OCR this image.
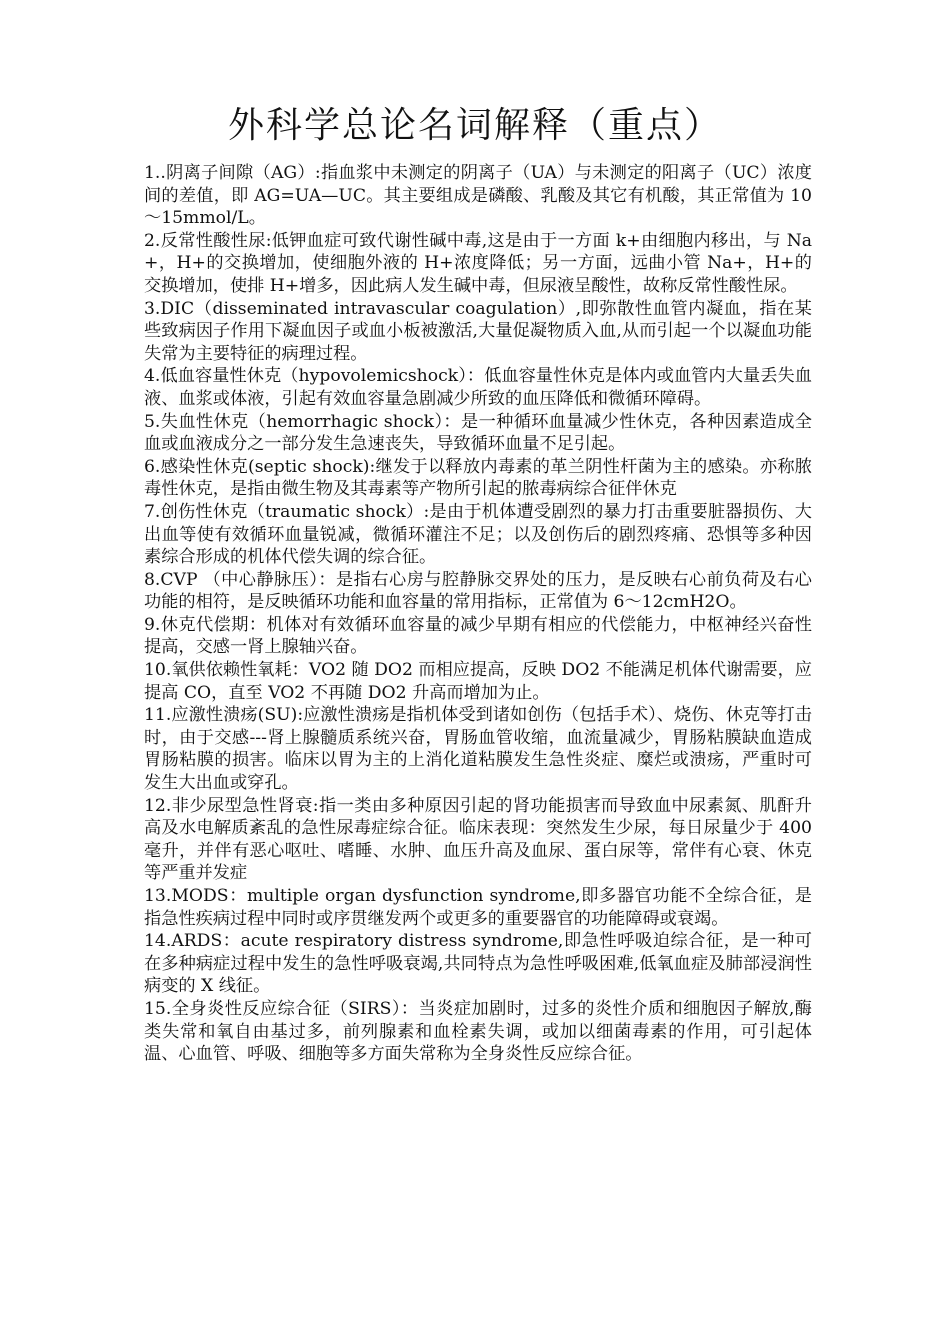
外科学总论名词解释（重点）

1..阴离子间隙（AG）:指血浆中未测定的阴离子（UA）与未测定的阳离子（UC）浓度间的差值，即 AG=UA—UC。其主要组成是磷酸、乳酸及其它有机酸，其正常值为 10～15mmol/L。

2.反常性酸性尿:低钾血症可致代谢性碱中毒,这是由于一方面 k+由细胞内移出，与 Na+，H+的交换增加，使细胞外液的 H+浓度降低；另一方面，远曲小管 Na+，H+的交换增加，使排 H+增多，因此病人发生碱中毒，但尿液呈酸性，故称反常性酸性尿。

3.DIC（disseminated intravascular coagulation）,即弥散性血管内凝血，指在某些致病因子作用下凝血因子或血小板被激活,大量促凝物质入血,从而引起一个以凝血功能失常为主要特征的病理过程。

4.低血容量性休克（hypovolemicshock）：低血容量性休克是体内或血管内大量丢失血液、血浆或体液，引起有效血容量急剧减少所致的血压降低和微循环障碍。

5.失血性休克（hemorrhagic shock）：是一种循环血量减少性休克，各种因素造成全血或血液成分之一部分发生急速丧失，导致循环血量不足引起。

6.感染性休克(septic shock):继发于以释放内毒素的革兰阴性杆菌为主的感染。亦称脓毒性休克，是指由微生物及其毒素等产物所引起的脓毒病综合征伴休克

7.创伤性休克（traumatic shock）:是由于机体遭受剧烈的暴力打击重要脏器损伤、大出血等使有效循环血量锐减，微循环灌注不足；以及创伤后的剧烈疼痛、恐惧等多种因素综合形成的机体代偿失调的综合征。

8.CVP （中心静脉压）：是指右心房与腔静脉交界处的压力，是反映右心前负荷及右心功能的相符，是反映循环功能和血容量的常用指标，正常值为 6～12cmH2O。

9.休克代偿期：机体对有效循环血容量的减少早期有相应的代偿能力，中枢神经兴奋性提高，交感一肾上腺轴兴奋。

10.氧供依赖性氧耗：VO2 随 DO2 而相应提高，反映 DO2 不能满足机体代谢需要，应提高 CO，直至 VO2 不再随 DO2 升高而增加为止。

11.应激性溃疡(SU):应激性溃疡是指机体受到诸如创伤（包括手术）、烧伤、休克等打击时，由于交感---肾上腺髓质系统兴奋，胃肠血管收缩，血流量减少，胃肠粘膜缺血造成胃肠粘膜的损害。临床以胃为主的上消化道粘膜发生急性炎症、糜烂或溃疡，严重时可发生大出血或穿孔。

12.非少尿型急性肾衰:指一类由多种原因引起的肾功能损害而导致血中尿素氮、肌酐升高及水电解质紊乱的急性尿毒症综合征。临床表现：突然发生少尿，每日尿量少于 400 毫升，并伴有恶心呕吐、嗜睡、水肿、血压升高及血尿、蛋白尿等，常伴有心衰、休克等严重并发症

13.MODS：multiple organ dysfunction syndrome,即多器官功能不全综合征，是指急性疾病过程中同时或序贯继发两个或更多的重要器官的功能障碍或衰竭。

14.ARDS：acute respiratory distress syndrome,即急性呼吸迫综合征，是一种可在多种病症过程中发生的急性呼吸衰竭,共同特点为急性呼吸困难,低氧血症及肺部浸润性病变的 X 线征。

15.全身炎性反应综合征（SIRS）：当炎症加剧时，过多的炎性介质和细胞因子解放,酶类失常和氧自由基过多，前列腺素和血栓素失调，或加以细菌毒素的作用，可引起体温、心血管、呼吸、细胞等多方面失常称为全身炎性反应综合征。
